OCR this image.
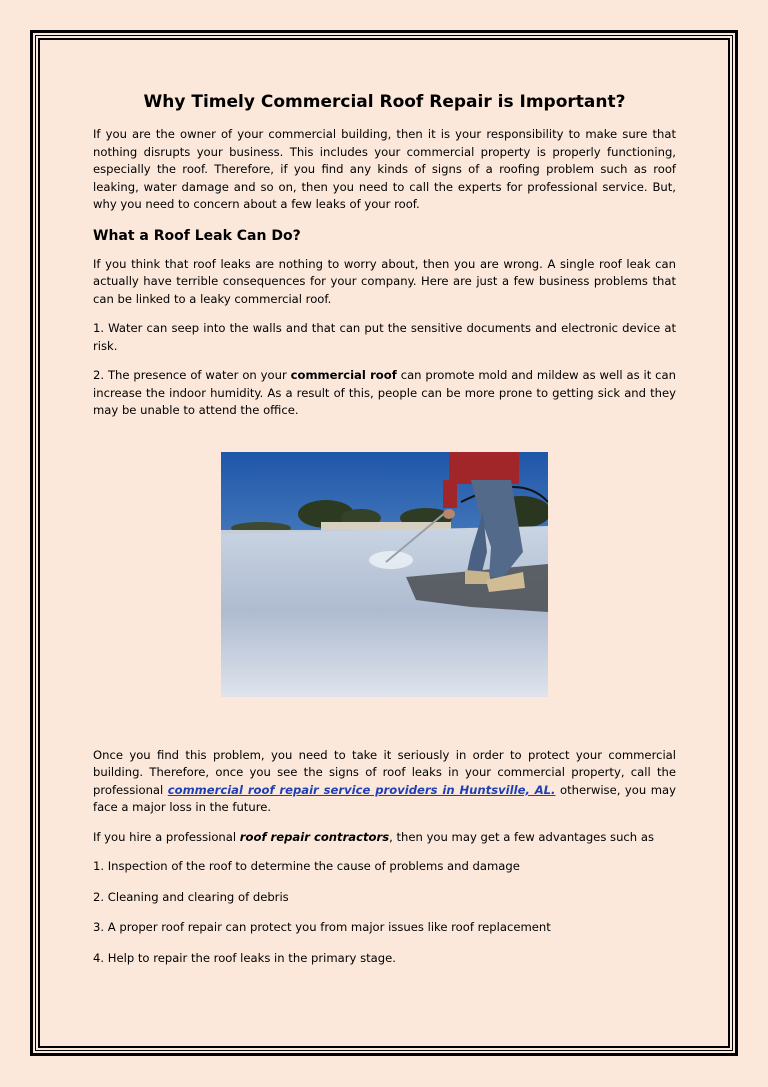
Why Timely Commercial Roof Repair is Important?

If you are the owner of your commercial building, then it is your responsibility to make sure that nothing disrupts your business. This includes your commercial property is properly functioning, especially the roof. Therefore, if you find any kinds of signs of a roofing problem such as roof leaking, water damage and so on, then you need to call the experts for professional service. But, why you need to concern about a few leaks of your roof.

What a Roof Leak Can Do?

If you think that roof leaks are nothing to worry about, then you are wrong. A single roof leak can actually have terrible consequences for your company. Here are just a few business problems that can be linked to a leaky commercial roof.

1. Water can seep into the walls and that can put the sensitive documents and electronic device at risk.

2. The presence of water on your commercial roof can promote mold and mildew as well as it can increase the indoor humidity. As a result of this, people can be more prone to getting sick and they may be unable to attend the office.

Once you find this problem, you need to take it seriously in order to protect your commercial building. Therefore, once you see the signs of roof leaks in your commercial property, call the professional commercial roof repair service providers in Huntsville, AL. otherwise, you may face a major loss in the future.

If you hire a professional roof repair contractors, then you may get a few advantages such as

1. Inspection of the roof to determine the cause of problems and damage

2. Cleaning and clearing of debris

3. A proper roof repair can protect you from major issues like roof replacement

4. Help to repair the roof leaks in the primary stage.
